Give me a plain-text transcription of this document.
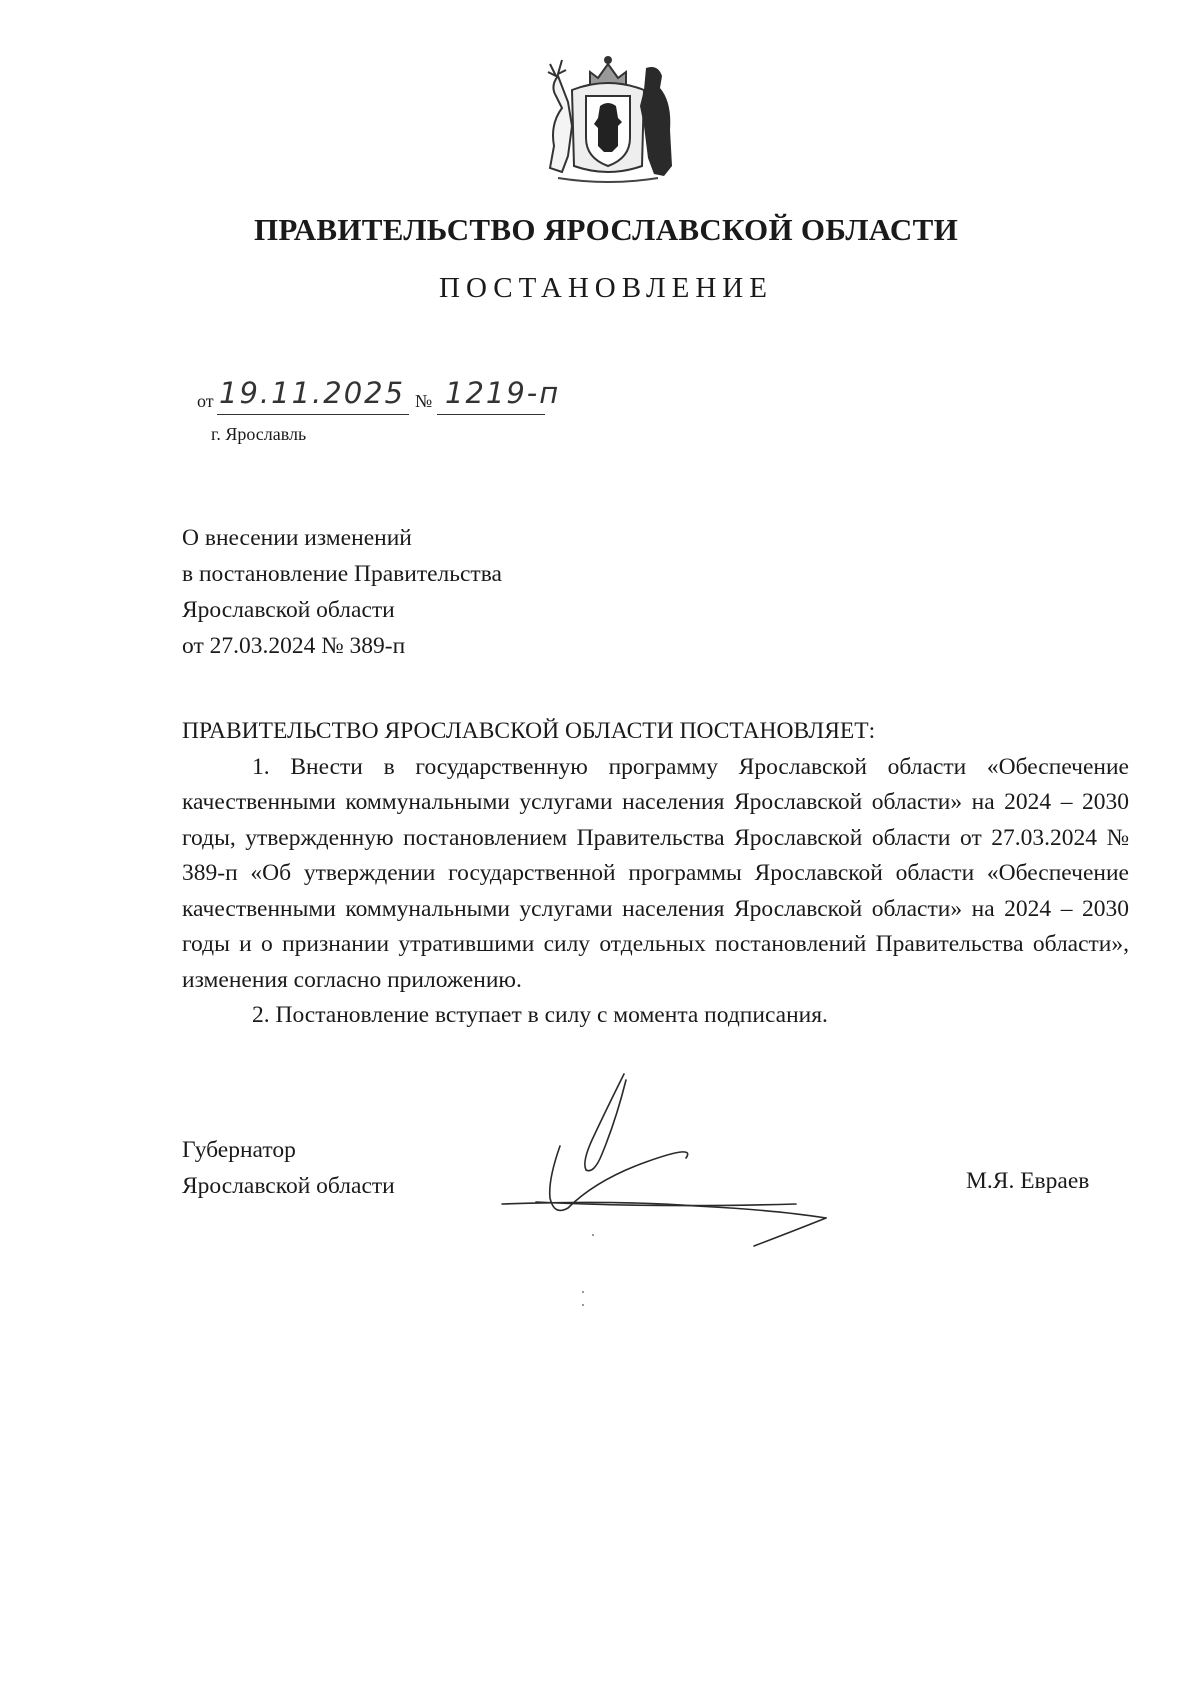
ПРАВИТЕЛЬСТВО ЯРОСЛАВСКОЙ ОБЛАСТИ
ПОСТАНОВЛЕНИЕ
от 19.11.2025 № 1219-п
г. Ярославль
О внесении изменений
в постановление Правительства
Ярославской области
от 27.03.2024 № 389-п

ПРАВИТЕЛЬСТВО ЯРОСЛАВСКОЙ ОБЛАСТИ ПОСТАНОВЛЯЕТ:

1. Внести в государственную программу Ярославской области «Обеспечение качественными коммунальными услугами населения Ярославской области» на 2024 – 2030 годы, утвержденную постановлением Правительства Ярославской области от 27.03.2024 № 389-п «Об утверждении государственной программы Ярославской области «Обеспечение качественными коммунальными услугами населения Ярославской области» на 2024 – 2030 годы и о признании утратившими силу отдельных постановлений Правительства области», изменения согласно приложению.

2. Постановление вступает в силу с момента подписания.

Губернатор
Ярославской области	М.Я. Евраев
